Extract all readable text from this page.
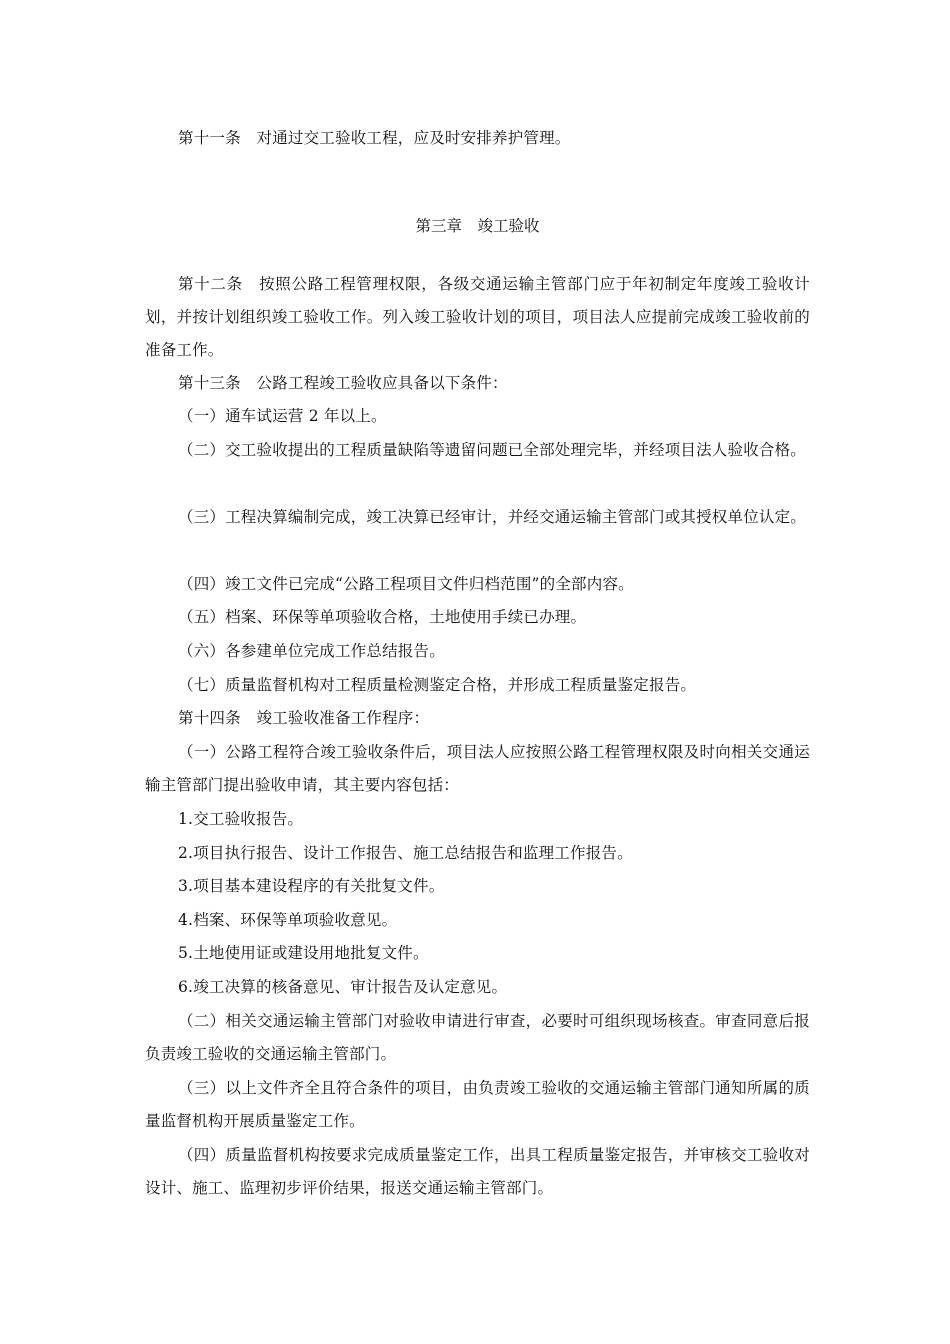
第十一条　对通过交工验收工程，应及时安排养护管理。

第三章　竣工验收

第十二条　按照公路工程管理权限，各级交通运输主管部门应于年初制定年度竣工验收计划，并按计划组织竣工验收工作。列入竣工验收计划的项目，项目法人应提前完成竣工验收前的准备工作。

第十三条　公路工程竣工验收应具备以下条件：

（一）通车试运营 2 年以上。

（二）交工验收提出的工程质量缺陷等遗留问题已全部处理完毕，并经项目法人验收合格。

（三）工程决算编制完成，竣工决算已经审计，并经交通运输主管部门或其授权单位认定。

（四）竣工文件已完成“公路工程项目文件归档范围”的全部内容。

（五）档案、环保等单项验收合格，土地使用手续已办理。

（六）各参建单位完成工作总结报告。

（七）质量监督机构对工程质量检测鉴定合格，并形成工程质量鉴定报告。

第十四条　竣工验收准备工作程序：

（一）公路工程符合竣工验收条件后，项目法人应按照公路工程管理权限及时向相关交通运输主管部门提出验收申请，其主要内容包括：

1.交工验收报告。

2.项目执行报告、设计工作报告、施工总结报告和监理工作报告。

3.项目基本建设程序的有关批复文件。

4.档案、环保等单项验收意见。

5.土地使用证或建设用地批复文件。

6.竣工决算的核备意见、审计报告及认定意见。

（二）相关交通运输主管部门对验收申请进行审查，必要时可组织现场核查。审查同意后报负责竣工验收的交通运输主管部门。

（三）以上文件齐全且符合条件的项目，由负责竣工验收的交通运输主管部门通知所属的质量监督机构开展质量鉴定工作。

（四）质量监督机构按要求完成质量鉴定工作，出具工程质量鉴定报告，并审核交工验收对设计、施工、监理初步评价结果，报送交通运输主管部门。
